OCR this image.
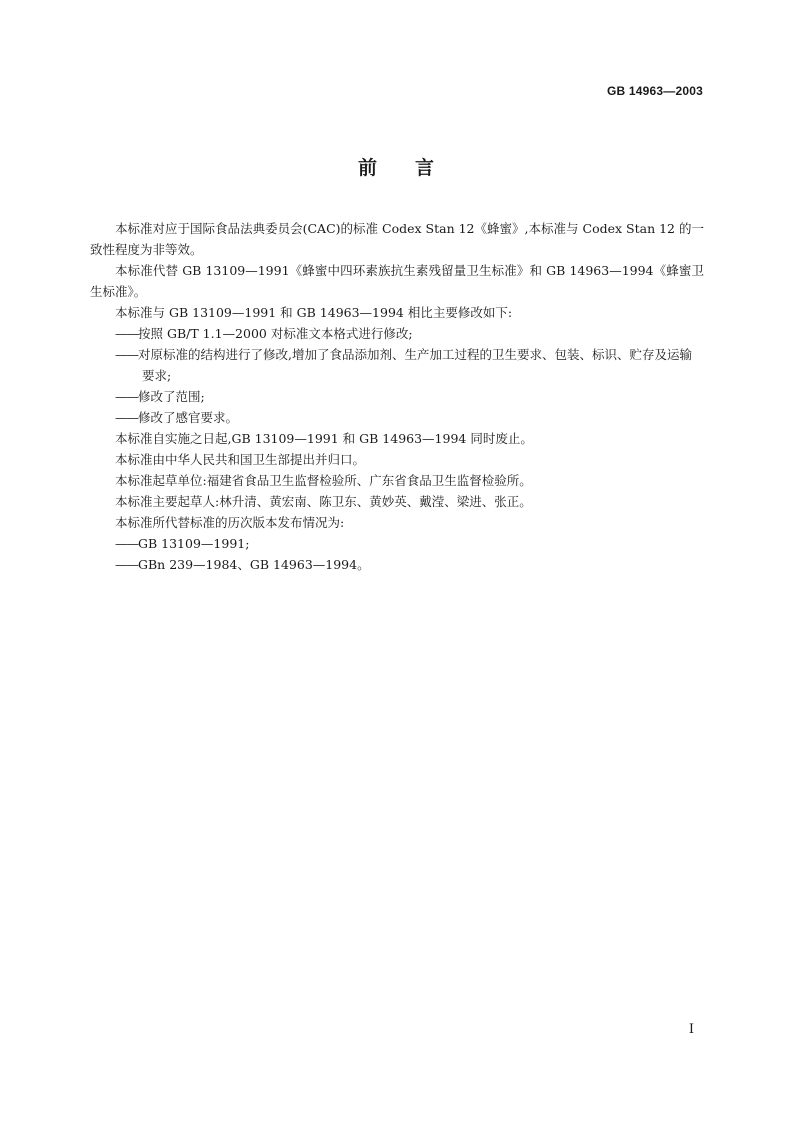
GB 14963—2003
前 言

本标准对应于国际食品法典委员会(CAC)的标准 Codex Stan 12《蜂蜜》,本标准与 Codex Stan 12 的一致性程度为非等效。

本标准代替 GB 13109—1991《蜂蜜中四环素族抗生素残留量卫生标准》和 GB 14963—1994《蜂蜜卫生标准》。

本标准与 GB 13109—1991 和 GB 14963—1994 相比主要修改如下:

——按照 GB/T 1.1—2000 对标准文本格式进行修改;

——对原标准的结构进行了修改,增加了食品添加剂、生产加工过程的卫生要求、包装、标识、贮存及运输要求;

——修改了范围;

——修改了感官要求。

本标准自实施之日起,GB 13109—1991 和 GB 14963—1994 同时废止。

本标准由中华人民共和国卫生部提出并归口。

本标准起草单位:福建省食品卫生监督检验所、广东省食品卫生监督检验所。

本标准主要起草人:林升清、黄宏南、陈卫东、黄妙英、戴滢、梁进、张正。

本标准所代替标准的历次版本发布情况为:

——GB 13109—1991;

——GBn 239—1984、GB 14963—1994。

I
